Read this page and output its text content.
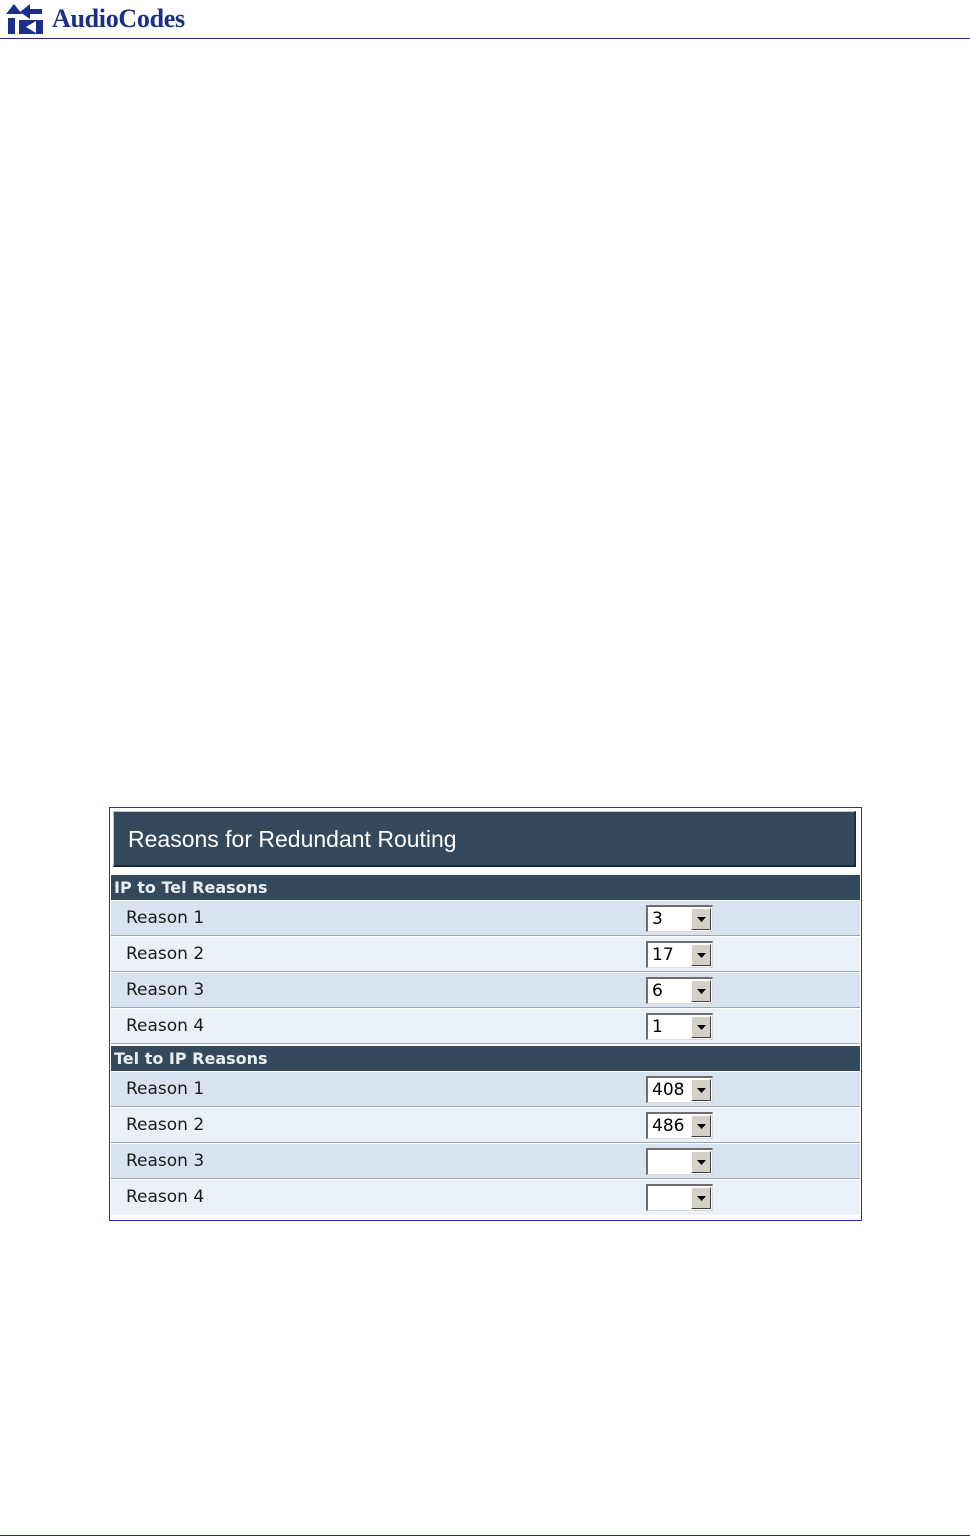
AudioCodes
Reasons for Redundant Routing
IP to Tel Reasons
Reason 1	3
Reason 2	17
Reason 3	6
Reason 4	1
Tel to IP Reasons
Reason 1	408
Reason 2	486
Reason 3
Reason 4
